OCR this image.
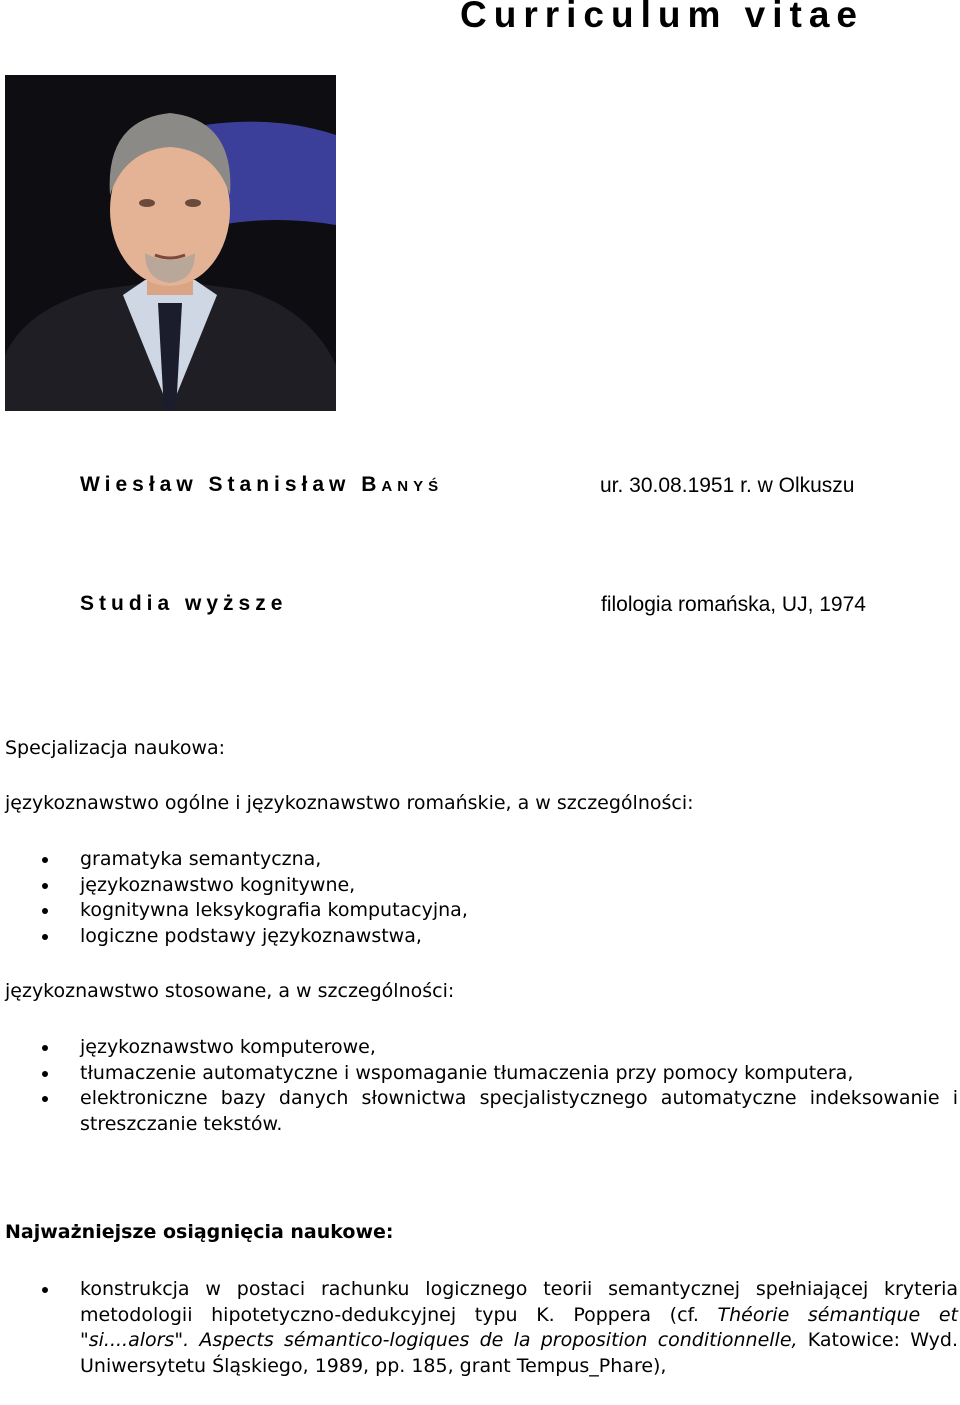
Curriculum vitae
Wiesław Stanisław BANYŚ	ur. 30.08.1951 r. w Olkuszu
Studia wyższe	filologia romańska, UJ, 1974
Specjalizacja naukowa:
językoznawstwo ogólne i językoznawstwo romańskie, a w szczególności:
gramatyka semantyczna,
językoznawstwo kognitywne,
kognitywna leksykografia komputacyjna,
logiczne podstawy językoznawstwa,
językoznawstwo stosowane, a w szczególności:
językoznawstwo komputerowe,
tłumaczenie automatyczne i wspomaganie tłumaczenia przy pomocy komputera,
elektroniczne bazy danych słownictwa specjalistycznego automatyczne indeksowanie i streszczanie tekstów.
Najważniejsze osiągnięcia naukowe:
konstrukcja w postaci rachunku logicznego teorii semantycznej spełniającej kryteria metodologii hipotetyczno-dedukcyjnej typu K. Poppera (cf. Théorie sémantique et "si....alors". Aspects sémantico-logiques de la proposition conditionnelle, Katowice: Wyd. Uniwersytetu Śląskiego, 1989, pp. 185, grant Tempus_Phare),
